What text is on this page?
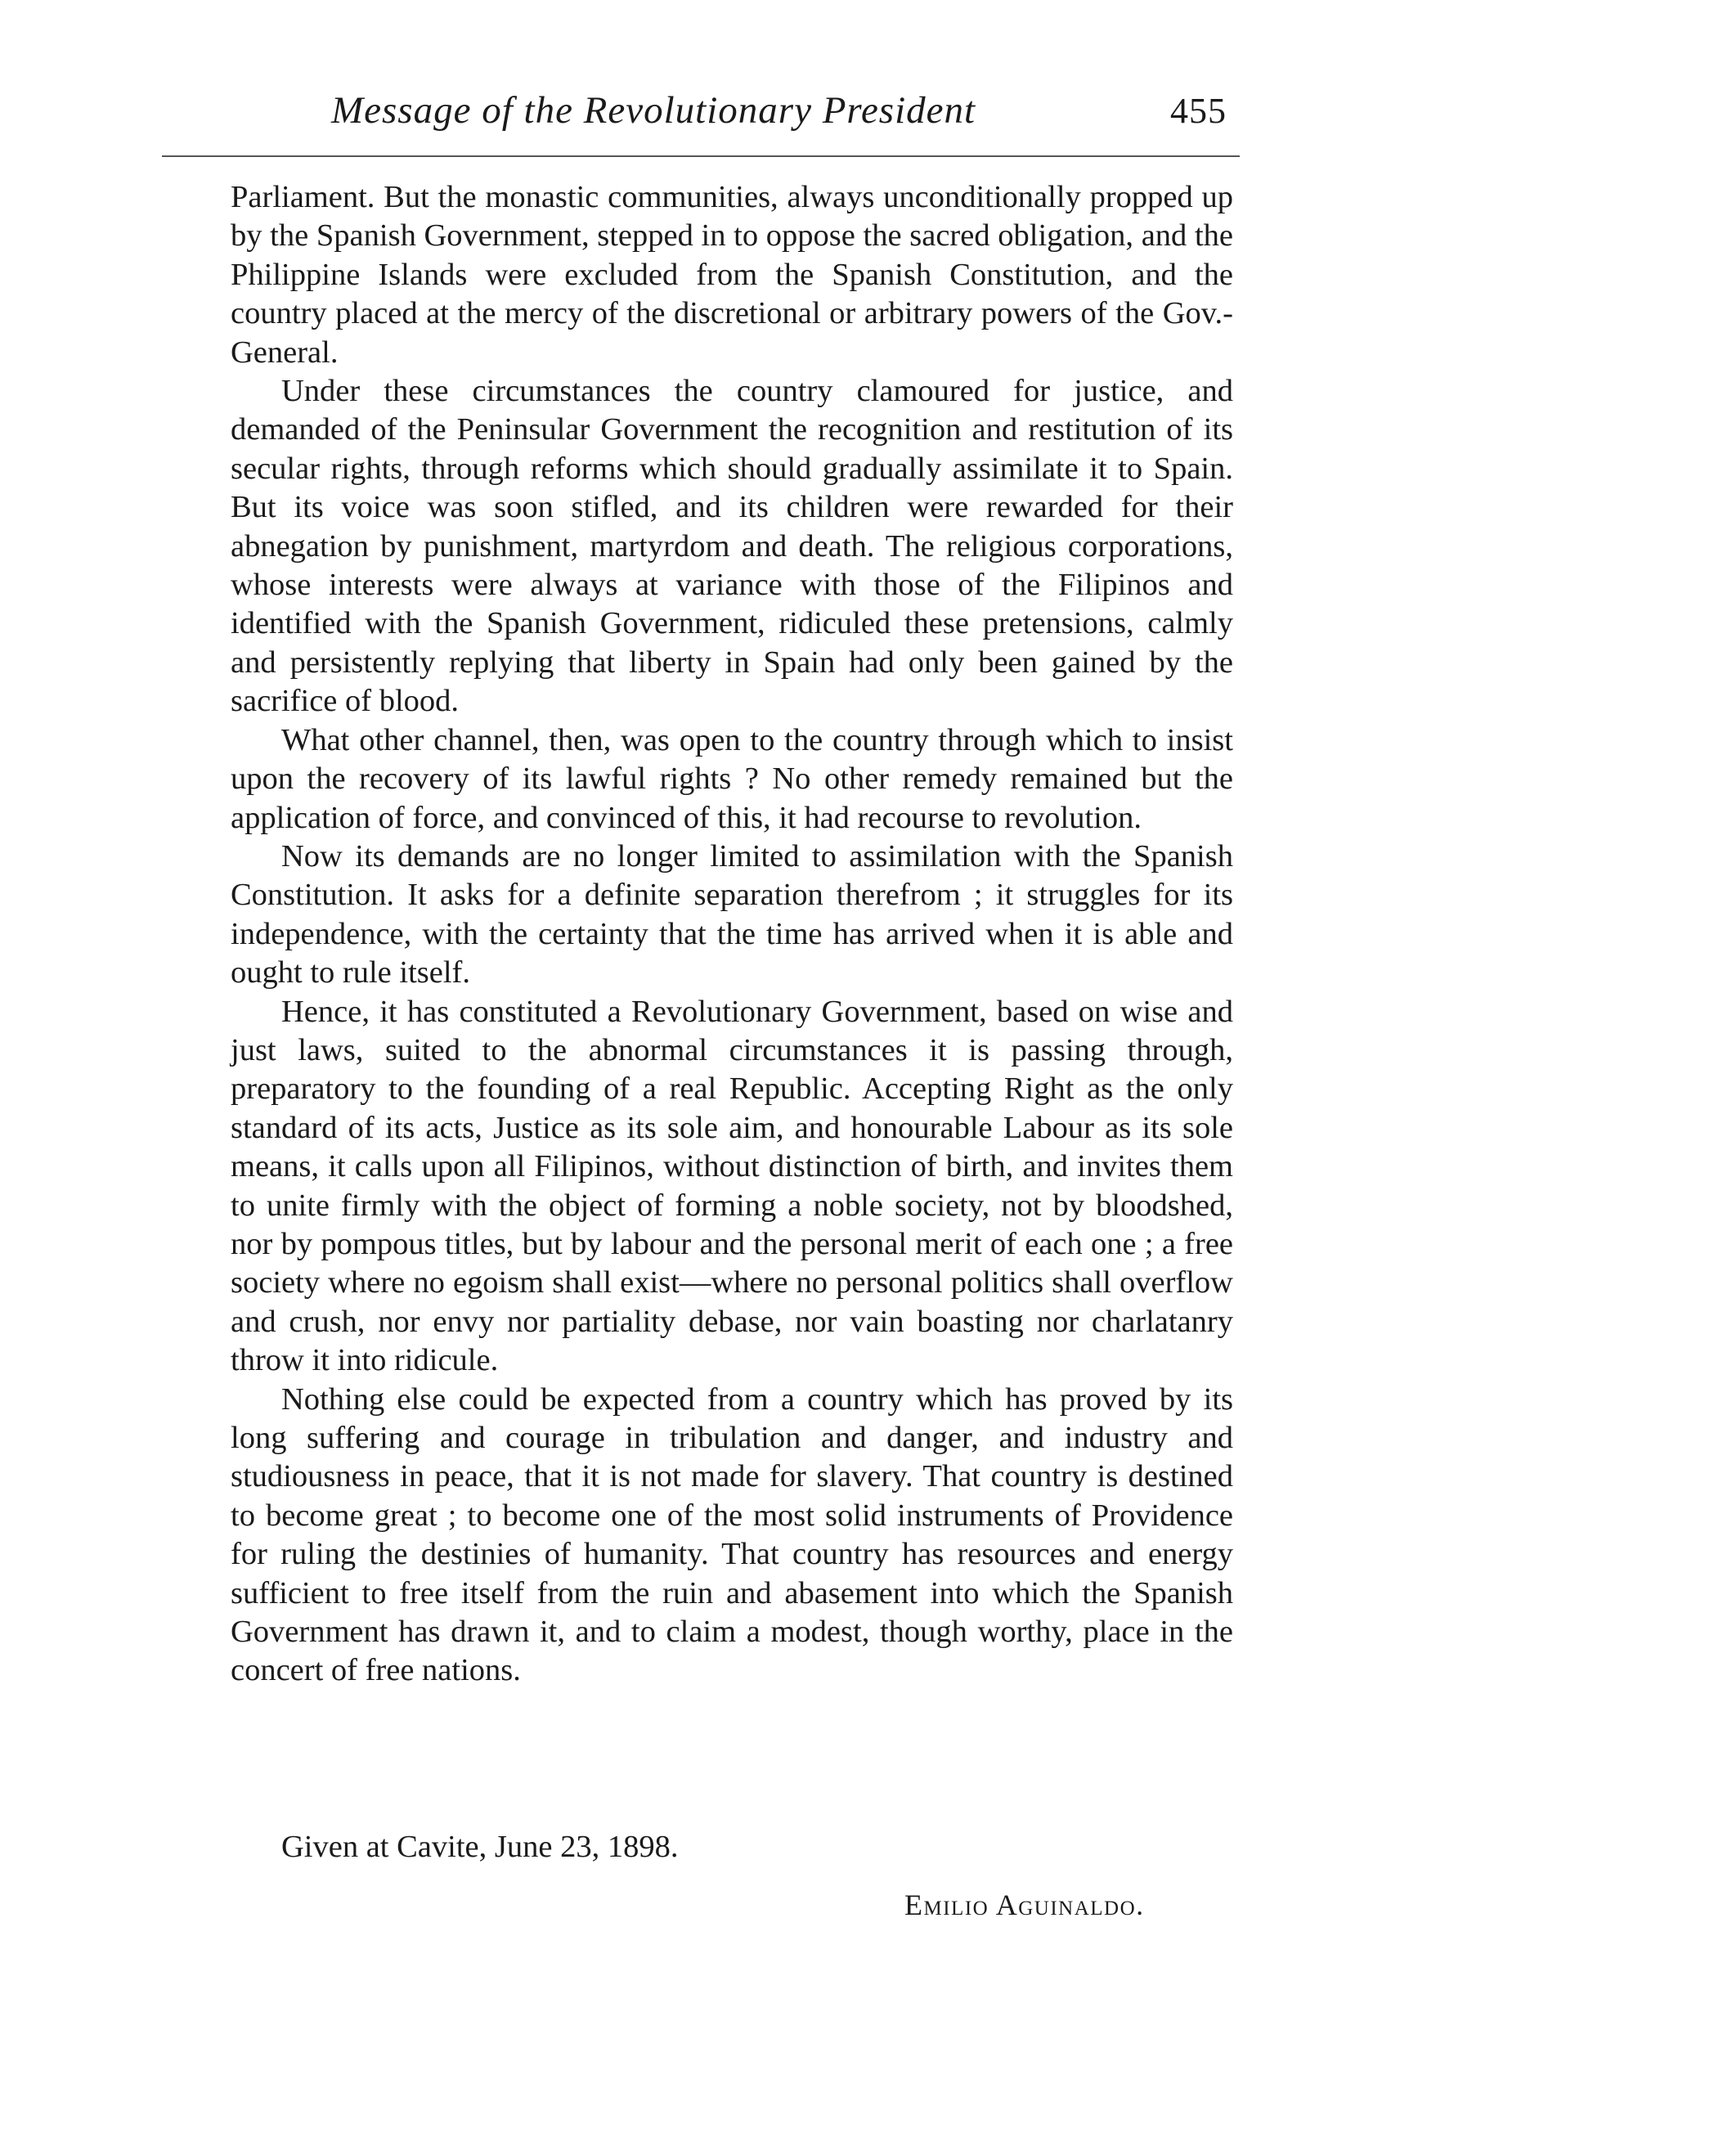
Message of the Revolutionary President	455

Parliament. But the monastic communities, always unconditionally propped up by the Spanish Government, stepped in to oppose the sacred obligation, and the Philippine Islands were excluded from the Spanish Constitution, and the country placed at the mercy of the discretional or arbitrary powers of the Gov.-General.

Under these circumstances the country clamoured for justice, and demanded of the Peninsular Government the recognition and restitution of its secular rights, through reforms which should gradually assimilate it to Spain. But its voice was soon stifled, and its children were rewarded for their abnegation by punishment, martyrdom and death. The religious corporations, whose interests were always at variance with those of the Filipinos and identified with the Spanish Government, ridiculed these pretensions, calmly and persistently replying that liberty in Spain had only been gained by the sacrifice of blood.

What other channel, then, was open to the country through which to insist upon the recovery of its lawful rights ? No other remedy remained but the application of force, and convinced of this, it had recourse to revolution.

Now its demands are no longer limited to assimilation with the Spanish Constitution. It asks for a definite separation therefrom ; it struggles for its independence, with the certainty that the time has arrived when it is able and ought to rule itself.

Hence, it has constituted a Revolutionary Government, based on wise and just laws, suited to the abnormal circumstances it is passing through, preparatory to the founding of a real Republic. Accepting Right as the only standard of its acts, Justice as its sole aim, and honourable Labour as its sole means, it calls upon all Filipinos, without distinction of birth, and invites them to unite firmly with the object of forming a noble society, not by bloodshed, nor by pompous titles, but by labour and the personal merit of each one ; a free society where no egoism shall exist—where no personal politics shall overflow and crush, nor envy nor partiality debase, nor vain boasting nor charlatanry throw it into ridicule.

Nothing else could be expected from a country which has proved by its long suffering and courage in tribulation and danger, and industry and studiousness in peace, that it is not made for slavery. That country is destined to become great ; to become one of the most solid instruments of Providence for ruling the destinies of humanity. That country has resources and energy sufficient to free itself from the ruin and abasement into which the Spanish Government has drawn it, and to claim a modest, though worthy, place in the concert of free nations.

Given at Cavite, June 23, 1898.
Emilio Aguinaldo.
